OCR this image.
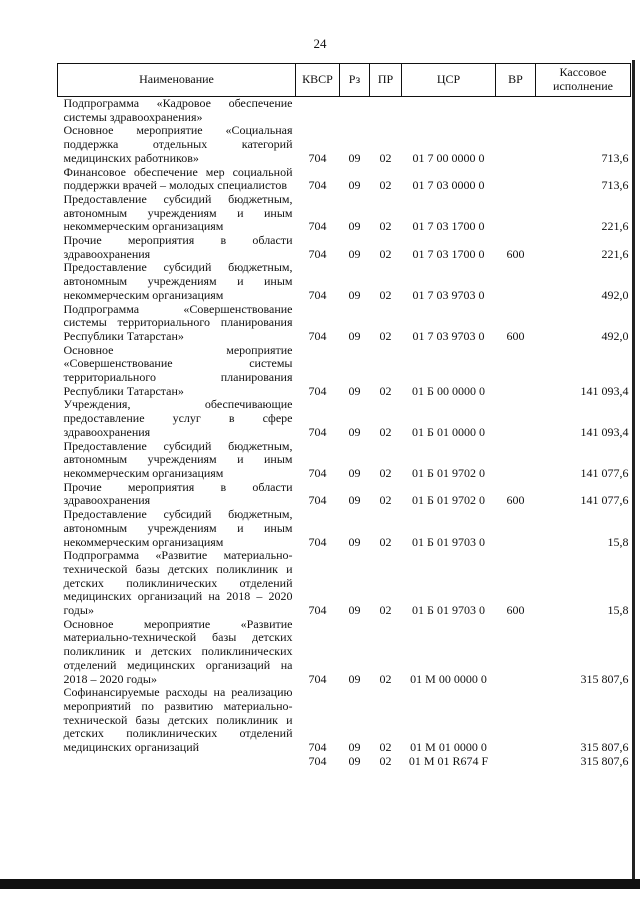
24
Наименование	КВСР	Рз	ПР	ЦСР	ВР	Кассовое
исполнение
Подпрограмма «Кадровое обеспечение системы здравоохранения»						
Основное мероприятие «Социальная поддержка отдельных категорий медицинских работников»	704	09	02	01 7 00 0000 0		713,6
Финансовое обеспечение мер социальной поддержки врачей – молодых специалистов	704	09	02	01 7 03 0000 0		713,6
Предоставление субсидий бюджетным, автономным учреждениям и иным некоммерческим организациям	704	09	02	01 7 03 1700 0		221,6
Прочие мероприятия в области здравоохранения	704	09	02	01 7 03 1700 0	600	221,6
Предоставление субсидий бюджетным, автономным учреждениям и иным некоммерческим организациям	704	09	02	01 7 03 9703 0		492,0
Подпрограмма «Совершенствование системы территориального планирования Республики Татарстан»	704	09	02	01 7 03 9703 0	600	492,0
Основное мероприятие «Совершенствование системы территориального планирования Республики Татарстан»	704	09	02	01 Б 00 0000 0		141 093,4
Учреждения, обеспечивающие предоставление услуг в сфере здравоохранения	704	09	02	01 Б 01 0000 0		141 093,4
Предоставление субсидий бюджетным, автономным учреждениям и иным некоммерческим организациям	704	09	02	01 Б 01 9702 0		141 077,6
Прочие мероприятия в области здравоохранения	704	09	02	01 Б 01 9702 0	600	141 077,6
Предоставление субсидий бюджетным, автономным учреждениям и иным некоммерческим организациям	704	09	02	01 Б 01 9703 0		15,8
Подпрограмма «Развитие материально-технической базы детских поликлиник и детских поликлинических отделений медицинских организаций на 2018 – 2020 годы»	704	09	02	01 Б 01 9703 0	600	15,8
Основное мероприятие «Развитие материально-технической базы детских поликлиник и детских поликлинических отделений медицинских организаций на 2018 – 2020 годы»	704	09	02	01 М 00 0000 0		315 807,6
Софинансируемые расходы на реализацию мероприятий по развитию материально-технической базы детских поликлиник и детских поликлинических отделений медицинских организаций	704	09	02	01 М 01 0000 0		315 807,6
	704	09	02	01 М 01 R674 F		315 807,6
